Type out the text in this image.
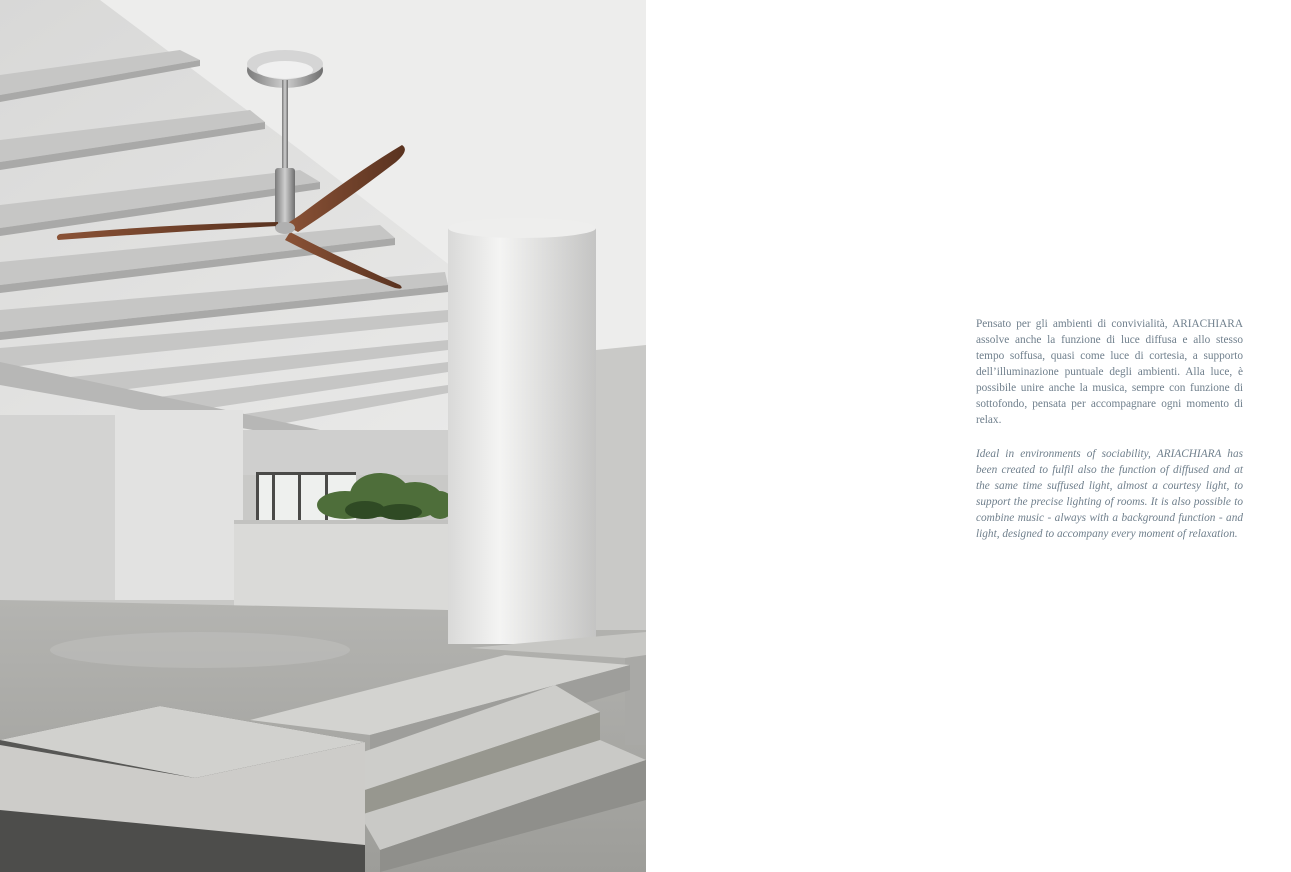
Pensato per gli ambienti di convivialità, ARIACHIARA assolve anche la funzione di luce diffusa e allo stesso tempo soffusa, quasi come luce di cortesia, a supporto dell’illuminazione puntuale degli ambienti. Alla luce, è possibile unire anche la musica, sempre con funzione di sottofondo, pensata per accompagnare ogni momento di relax.

Ideal in environments of sociability, ARIACHIARA has been created to fulfil also the function of diffused and at the same time suffused light, almost a courtesy light, to support the precise lighting of rooms. It is also possible to combine music - always with a background function - and light, designed to accompany every moment of relaxation.
